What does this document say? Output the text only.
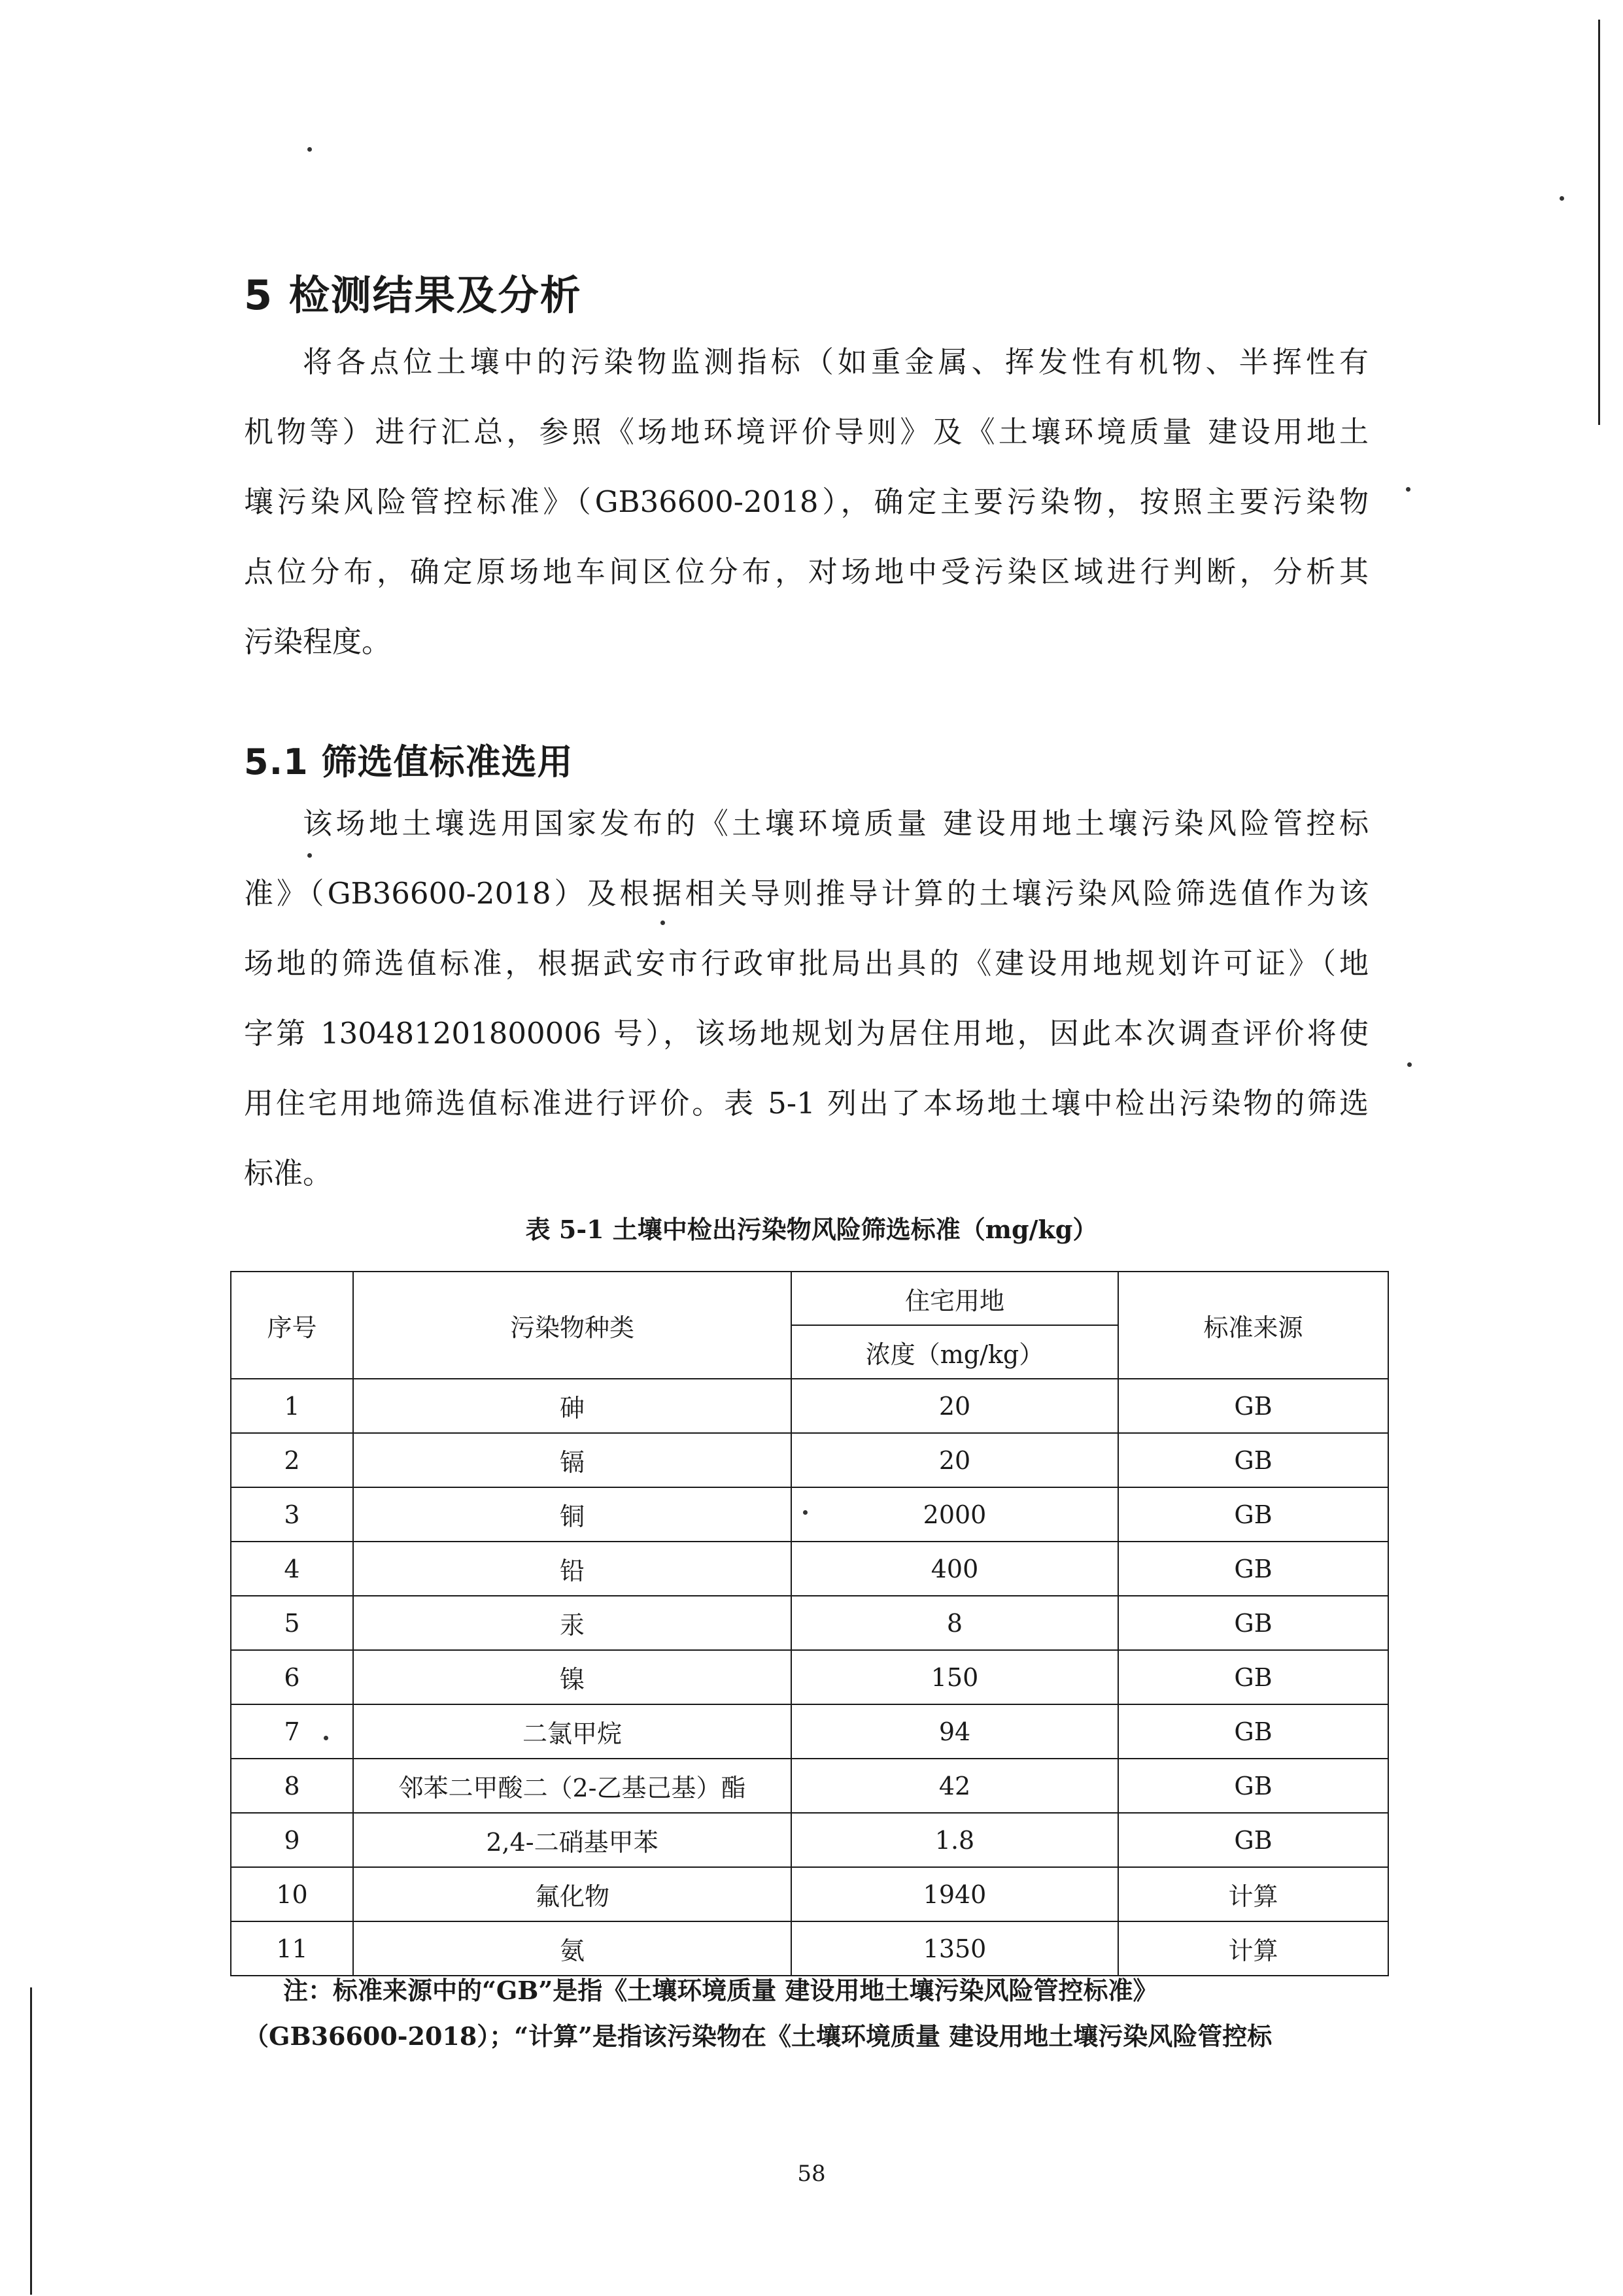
5 检测结果及分析
将各点位土壤中的污染物监测指标（如重金属、挥发性有机物、半挥性有
机物等）进行汇总，参照《场地环境评价导则》及《土壤环境质量 建设用地土
壤污染风险管控标准》（GB36600-2018），确定主要污染物，按照主要污染物
点位分布，确定原场地车间区位分布，对场地中受污染区域进行判断，分析其
污染程度。
5.1 筛选值标准选用
该场地土壤选用国家发布的《土壤环境质量 建设用地土壤污染风险管控标
准》（GB36600-2018）及根据相关导则推导计算的土壤污染风险筛选值作为该
场地的筛选值标准，根据武安市行政审批局出具的《建设用地规划许可证》（地
字第 130481201800006 号），该场地规划为居住用地，因此本次调查评价将使
用住宅用地筛选值标准进行评价。表 5-1 列出了本场地土壤中检出污染物的筛选
标准。
表 5-1 土壤中检出污染物风险筛选标准（mg/kg）
序号	污染物种类	住宅用地	标准来源
		浓度（mg/kg）	
1	砷	20	GB
2	镉	20	GB
3	铜	2000	GB
4	铅	400	GB
5	汞	8	GB
6	镍	150	GB
7	二氯甲烷	94	GB
8	邻苯二甲酸二（2-乙基己基）酯	42	GB
9	2,4-二硝基甲苯	1.8	GB
10	氟化物	1940	计算
11	氨	1350	计算
注：标准来源中的“GB”是指《土壤环境质量 建设用地土壤污染风险管控标准》
（GB36600-2018）；“计算”是指该污染物在《土壤环境质量 建设用地土壤污染风险管控标
58
